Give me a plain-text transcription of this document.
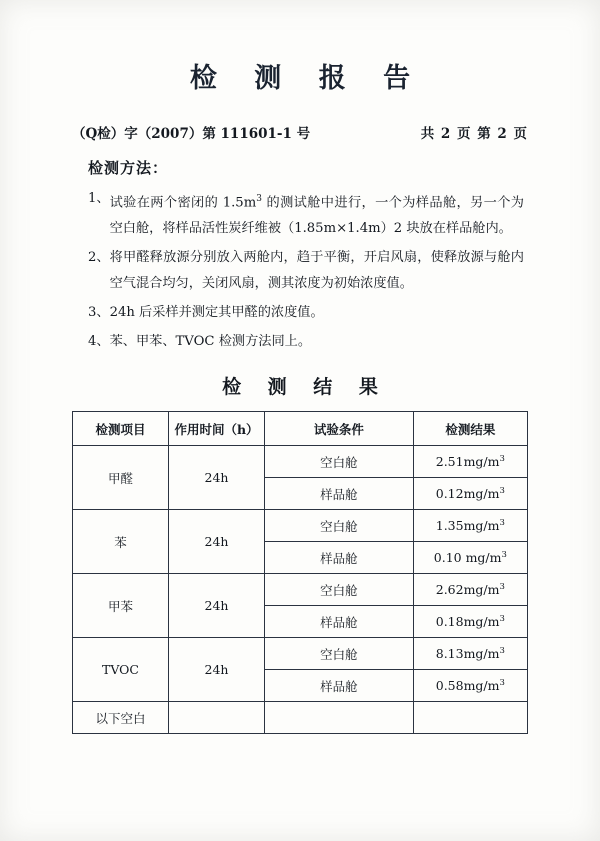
检 测 报 告
（Q检）字（2007）第 111601-1 号	共 2 页 第 2 页
检测方法：
1、 试验在两个密闭的 $1.5m^3$ 的测试舱中进行，一个为样品舱，另一个为空白舱，将样品活性炭纤维被（1.85m×1.4m）2 块放在样品舱内。
2、 将甲醛释放源分别放入两舱内，趋于平衡，开启风扇，使释放源与舱内空气混合均匀，关闭风扇，测其浓度为初始浓度值。
3、 24h 后采样并测定其甲醛的浓度值。
4、 苯、甲苯、TVOC 检测方法同上。
检 测 结 果
检测项目	作用时间（h）	试验条件	检测结果
甲醛	24h	空白舱	$2.51mg/m^3$
		样品舱	$0.12mg/m^3$
苯	24h	空白舱	$1.35mg/m^3$
		样品舱	0.10 $mg/m^3$
甲苯	24h	空白舱	$2.62mg/m^3$
		样品舱	$0.18mg/m^3$
TVOC	24h	空白舱	$8.13mg/m^3$
		样品舱	$0.58mg/m^3$
以下空白			
